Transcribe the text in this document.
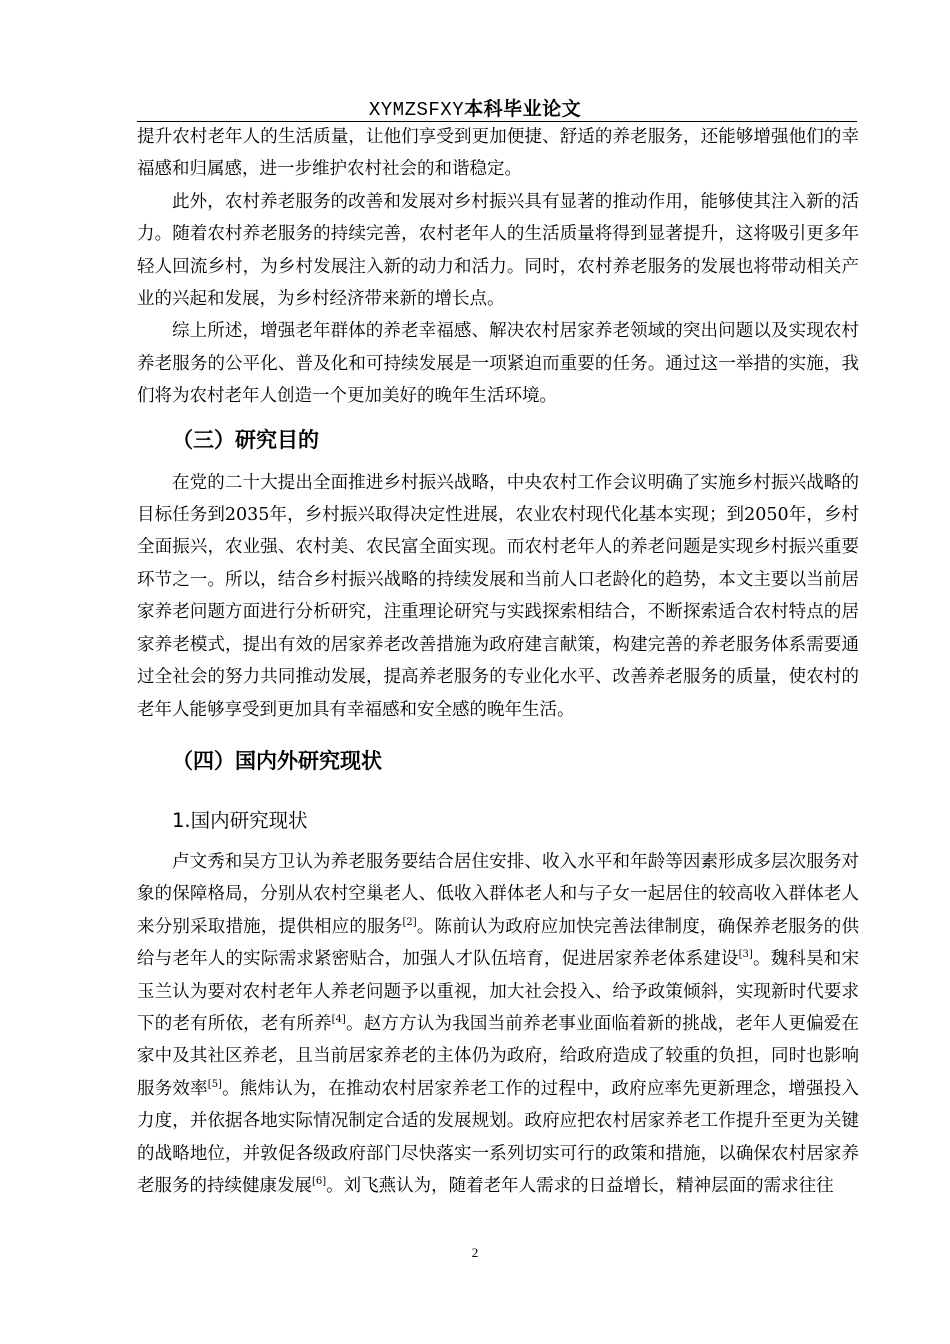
XYMZSFXY本科毕业论文

提升农村老年人的生活质量，让他们享受到更加便捷、舒适的养老服务，还能够增强他们的幸福感和归属感，进一步维护农村社会的和谐稳定。

此外，农村养老服务的改善和发展对乡村振兴具有显著的推动作用，能够使其注入新的活力。随着农村养老服务的持续完善，农村老年人的生活质量将得到显著提升，这将吸引更多年轻人回流乡村，为乡村发展注入新的动力和活力。同时，农村养老服务的发展也将带动相关产业的兴起和发展，为乡村经济带来新的增长点。

综上所述，增强老年群体的养老幸福感、解决农村居家养老领域的突出问题以及实现农村养老服务的公平化、普及化和可持续发展是一项紧迫而重要的任务。通过这一举措的实施，我们将为农村老年人创造一个更加美好的晚年生活环境。

（三）研究目的

在党的二十大提出全面推进乡村振兴战略，中央农村工作会议明确了实施乡村振兴战略的目标任务到2035年，乡村振兴取得决定性进展，农业农村现代化基本实现；到2050年，乡村全面振兴，农业强、农村美、农民富全面实现。而农村老年人的养老问题是实现乡村振兴重要环节之一。所以，结合乡村振兴战略的持续发展和当前人口老龄化的趋势，本文主要以当前居家养老问题方面进行分析研究，注重理论研究与实践探索相结合，不断探索适合农村特点的居家养老模式，提出有效的居家养老改善措施为政府建言献策，构建完善的养老服务体系需要通过全社会的努力共同推动发展，提高养老服务的专业化水平、改善养老服务的质量，使农村的老年人能够享受到更加具有幸福感和安全感的晚年生活。

（四）国内外研究现状
1.国内研究现状

卢文秀和吴方卫认为养老服务要结合居住安排、收入水平和年龄等因素形成多层次服务对象的保障格局，分别从农村空巢老人、低收入群体老人和与子女一起居住的较高收入群体老人来分别采取措施，提供相应的服务[2]。陈前认为政府应加快完善法律制度，确保养老服务的供给与老年人的实际需求紧密贴合，加强人才队伍培育，促进居家养老体系建设[3]。魏科昊和宋玉兰认为要对农村老年人养老问题予以重视，加大社会投入、给予政策倾斜，实现新时代要求下的老有所依，老有所养[4]。赵方方认为我国当前养老事业面临着新的挑战，老年人更偏爱在家中及其社区养老，且当前居家养老的主体仍为政府，给政府造成了较重的负担，同时也影响服务效率[5]。熊炜认为，在推动农村居家养老工作的过程中，政府应率先更新理念，增强投入力度，并依据各地实际情况制定合适的发展规划。政府应把农村居家养老工作提升至更为关键的战略地位，并敦促各级政府部门尽快落实一系列切实可行的政策和措施，以确保农村居家养老服务的持续健康发展[6]。刘飞燕认为，随着老年人需求的日益增长，精神层面的需求往往

2
